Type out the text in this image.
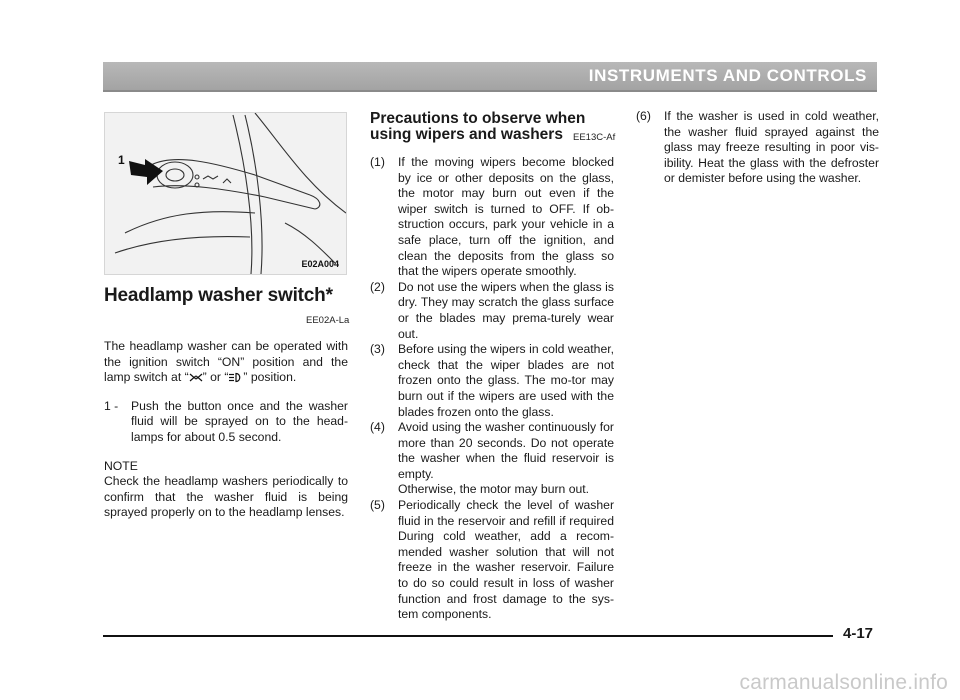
INSTRUMENTS AND CONTROLS
1
E02A004
Headlamp washer switch*
EE02A-La

The headlamp washer can be operated with the ignition switch “ON” position and the lamp switch at “ ” or “ ” position.

1 -	Push the button once and the washer fluid will be sprayed on to the head-lamps for about 0.5 second.

NOTE

Check the headlamp washers periodically to confirm that the washer fluid is being sprayed properly on to the headlamp lenses.

Precautions to observe when
using wipers and washers	EE13C-Af
(1)	If the moving wipers become blocked by ice or other deposits on the glass, the motor may burn out even if the wiper switch is turned to OFF. If ob-struction occurs, park your vehicle in a safe place, turn off the ignition, and clean the deposits from the glass so that the wipers operate smoothly.
(2)	Do not use the wipers when the glass is dry. They may scratch the glass surface or the blades may prema-turely wear out.
(3)	Before using the wipers in cold weather, check that the wiper blades are not frozen onto the glass. The mo-tor may burn out if the wipers are used with the blades frozen onto the glass.
(4)	Avoid using the washer continuously for more than 20 seconds. Do not operate the washer when the fluid reservoir is empty.
Otherwise, the motor may burn out.
(5)	Periodically check the level of washer fluid in the reservoir and refill if required During cold weather, add a recom-mended washer solution that will not freeze in the washer reservoir. Failure to do so could result in loss of washer function and frost damage to the sys-tem components.
(6)	If the washer is used in cold weather, the washer fluid sprayed against the glass may freeze resulting in poor vis-ibility. Heat the glass with the defroster or demister before using the washer.
4-17
carmanualsonline.info
